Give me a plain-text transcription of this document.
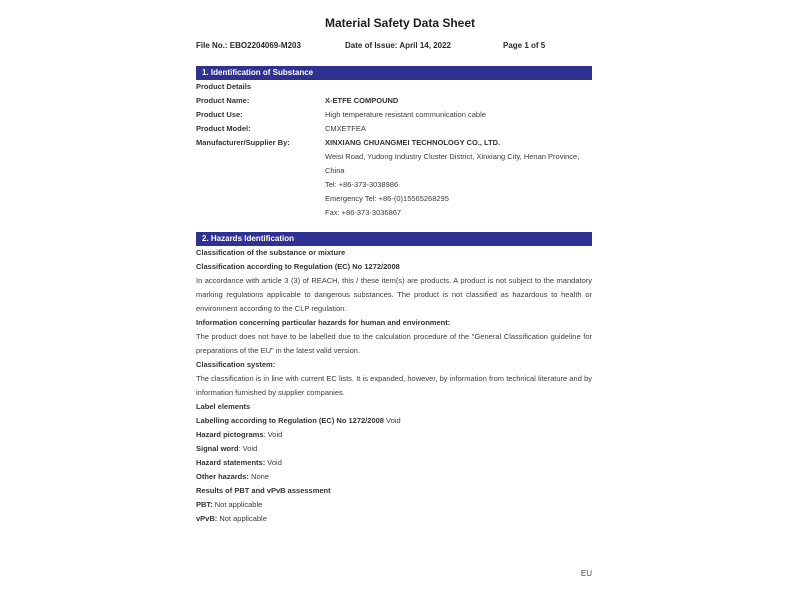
Material Safety Data Sheet
File No.: EBO2204069-M203	Date of Issue: April 14, 2022	Page 1 of 5
1. Identification of Substance
Product Details
Product Name:	X-ETFE COMPOUND
Product Use:	High temperature resistant communication cable
Product Model:	CMXETFEA
Manufacturer/Supplier By:	XINXIANG CHUANGMEI TECHNOLOGY CO., LTD.
Weisi Road, Yudong Industry Cluster District, Xinxiang City, Henan Province,
China
Tel: +86-373-3038986
Emergency Tel: +86-(0)15565268295
Fax: +86-373-3036867
2. Hazards Identification
Classification of the substance or mixture
Classification according to Regulation (EC) No 1272/2008
In accordance with article 3 (3) of REACH, this / these item(s) are products. A product is not subject to the mandatory marking regulations applicable to dangerous substances. The product is not classified as hazardous to health or environment according to the CLP regulation.
Information concerning particular hazards for human and environment:
The product does not have to be labelled due to the calculation procedure of the "General Classification guideline for preparations of the EU" in the latest valid version.
Classification system:
The classification is in line with current EC lists. It is expanded, however, by information from technical literature and by information furnished by supplier companies.
Label elements
Labelling according to Regulation (EC) No 1272/2008 Void
Hazard pictograms: Void
Signal word: Void
Hazard statements: Void
Other hazards: None
Results of PBT and vPvB assessment
PBT: Not applicable
vPvB: Not applicable
EU
